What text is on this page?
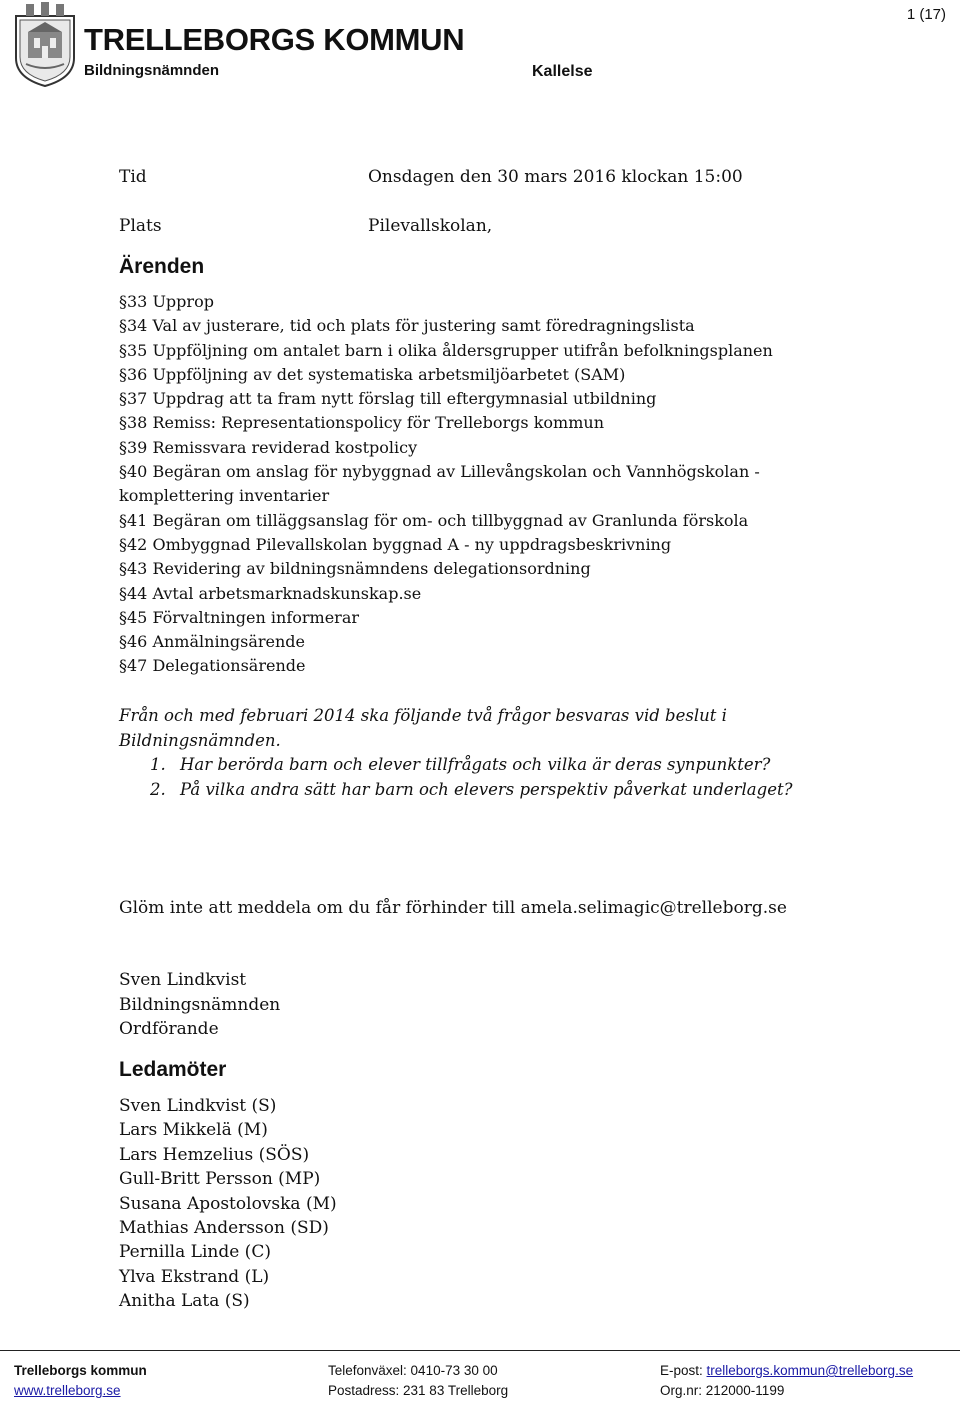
TRELLEBORGS KOMMUN
Bildningsnämnden	Kallelse
1 (17)
Tid	Onsdagen den 30 mars 2016 klockan 15:00
Plats	Pilevallskolan,
Ärenden
§33 Upprop
§34 Val av justerare, tid och plats för justering samt föredragningslista
§35 Uppföljning om antalet barn i olika åldersgrupper utifrån befolkningsplanen
§36 Uppföljning av det systematiska arbetsmiljöarbetet (SAM)
§37 Uppdrag att ta fram nytt förslag till eftergymnasial utbildning
§38 Remiss: Representationspolicy för Trelleborgs kommun
§39 Remissvara reviderad kostpolicy
§40 Begäran om anslag för nybyggnad av Lillevångskolan och Vannhögskolan - komplettering inventarier
§41 Begäran om tilläggsanslag för om- och tillbyggnad av Granlunda förskola
§42 Ombyggnad Pilevallskolan byggnad A - ny uppdragsbeskrivning
§43 Revidering av bildningsnämndens delegationsordning
§44 Avtal arbetsmarknadskunskap.se
§45 Förvaltningen informerar
§46 Anmälningsärende
§47 Delegationsärende
Från och med februari 2014 ska följande två frågor besvaras vid beslut i Bildningsnämnden.
1. Har berörda barn och elever tillfrågats och vilka är deras synpunkter?
2. På vilka andra sätt har barn och elevers perspektiv påverkat underlaget?
Glöm inte att meddela om du får förhinder till amela.selimagic@trelleborg.se
Sven Lindkvist
Bildningsnämnden
Ordförande
Ledamöter
Sven Lindkvist (S)
Lars Mikkelä (M)
Lars Hemzelius (SÖS)
Gull-Britt Persson (MP)
Susana Apostolovska (M)
Mathias Andersson (SD)
Pernilla Linde (C)
Ylva Ekstrand (L)
Anitha Lata (S)
Trelleborgs kommun
www.trelleborg.se
Telefonväxel: 0410-73 30 00
Postadress: 231 83 Trelleborg
E-post: trelleborgs.kommun@trelleborg.se
Org.nr: 212000-1199
